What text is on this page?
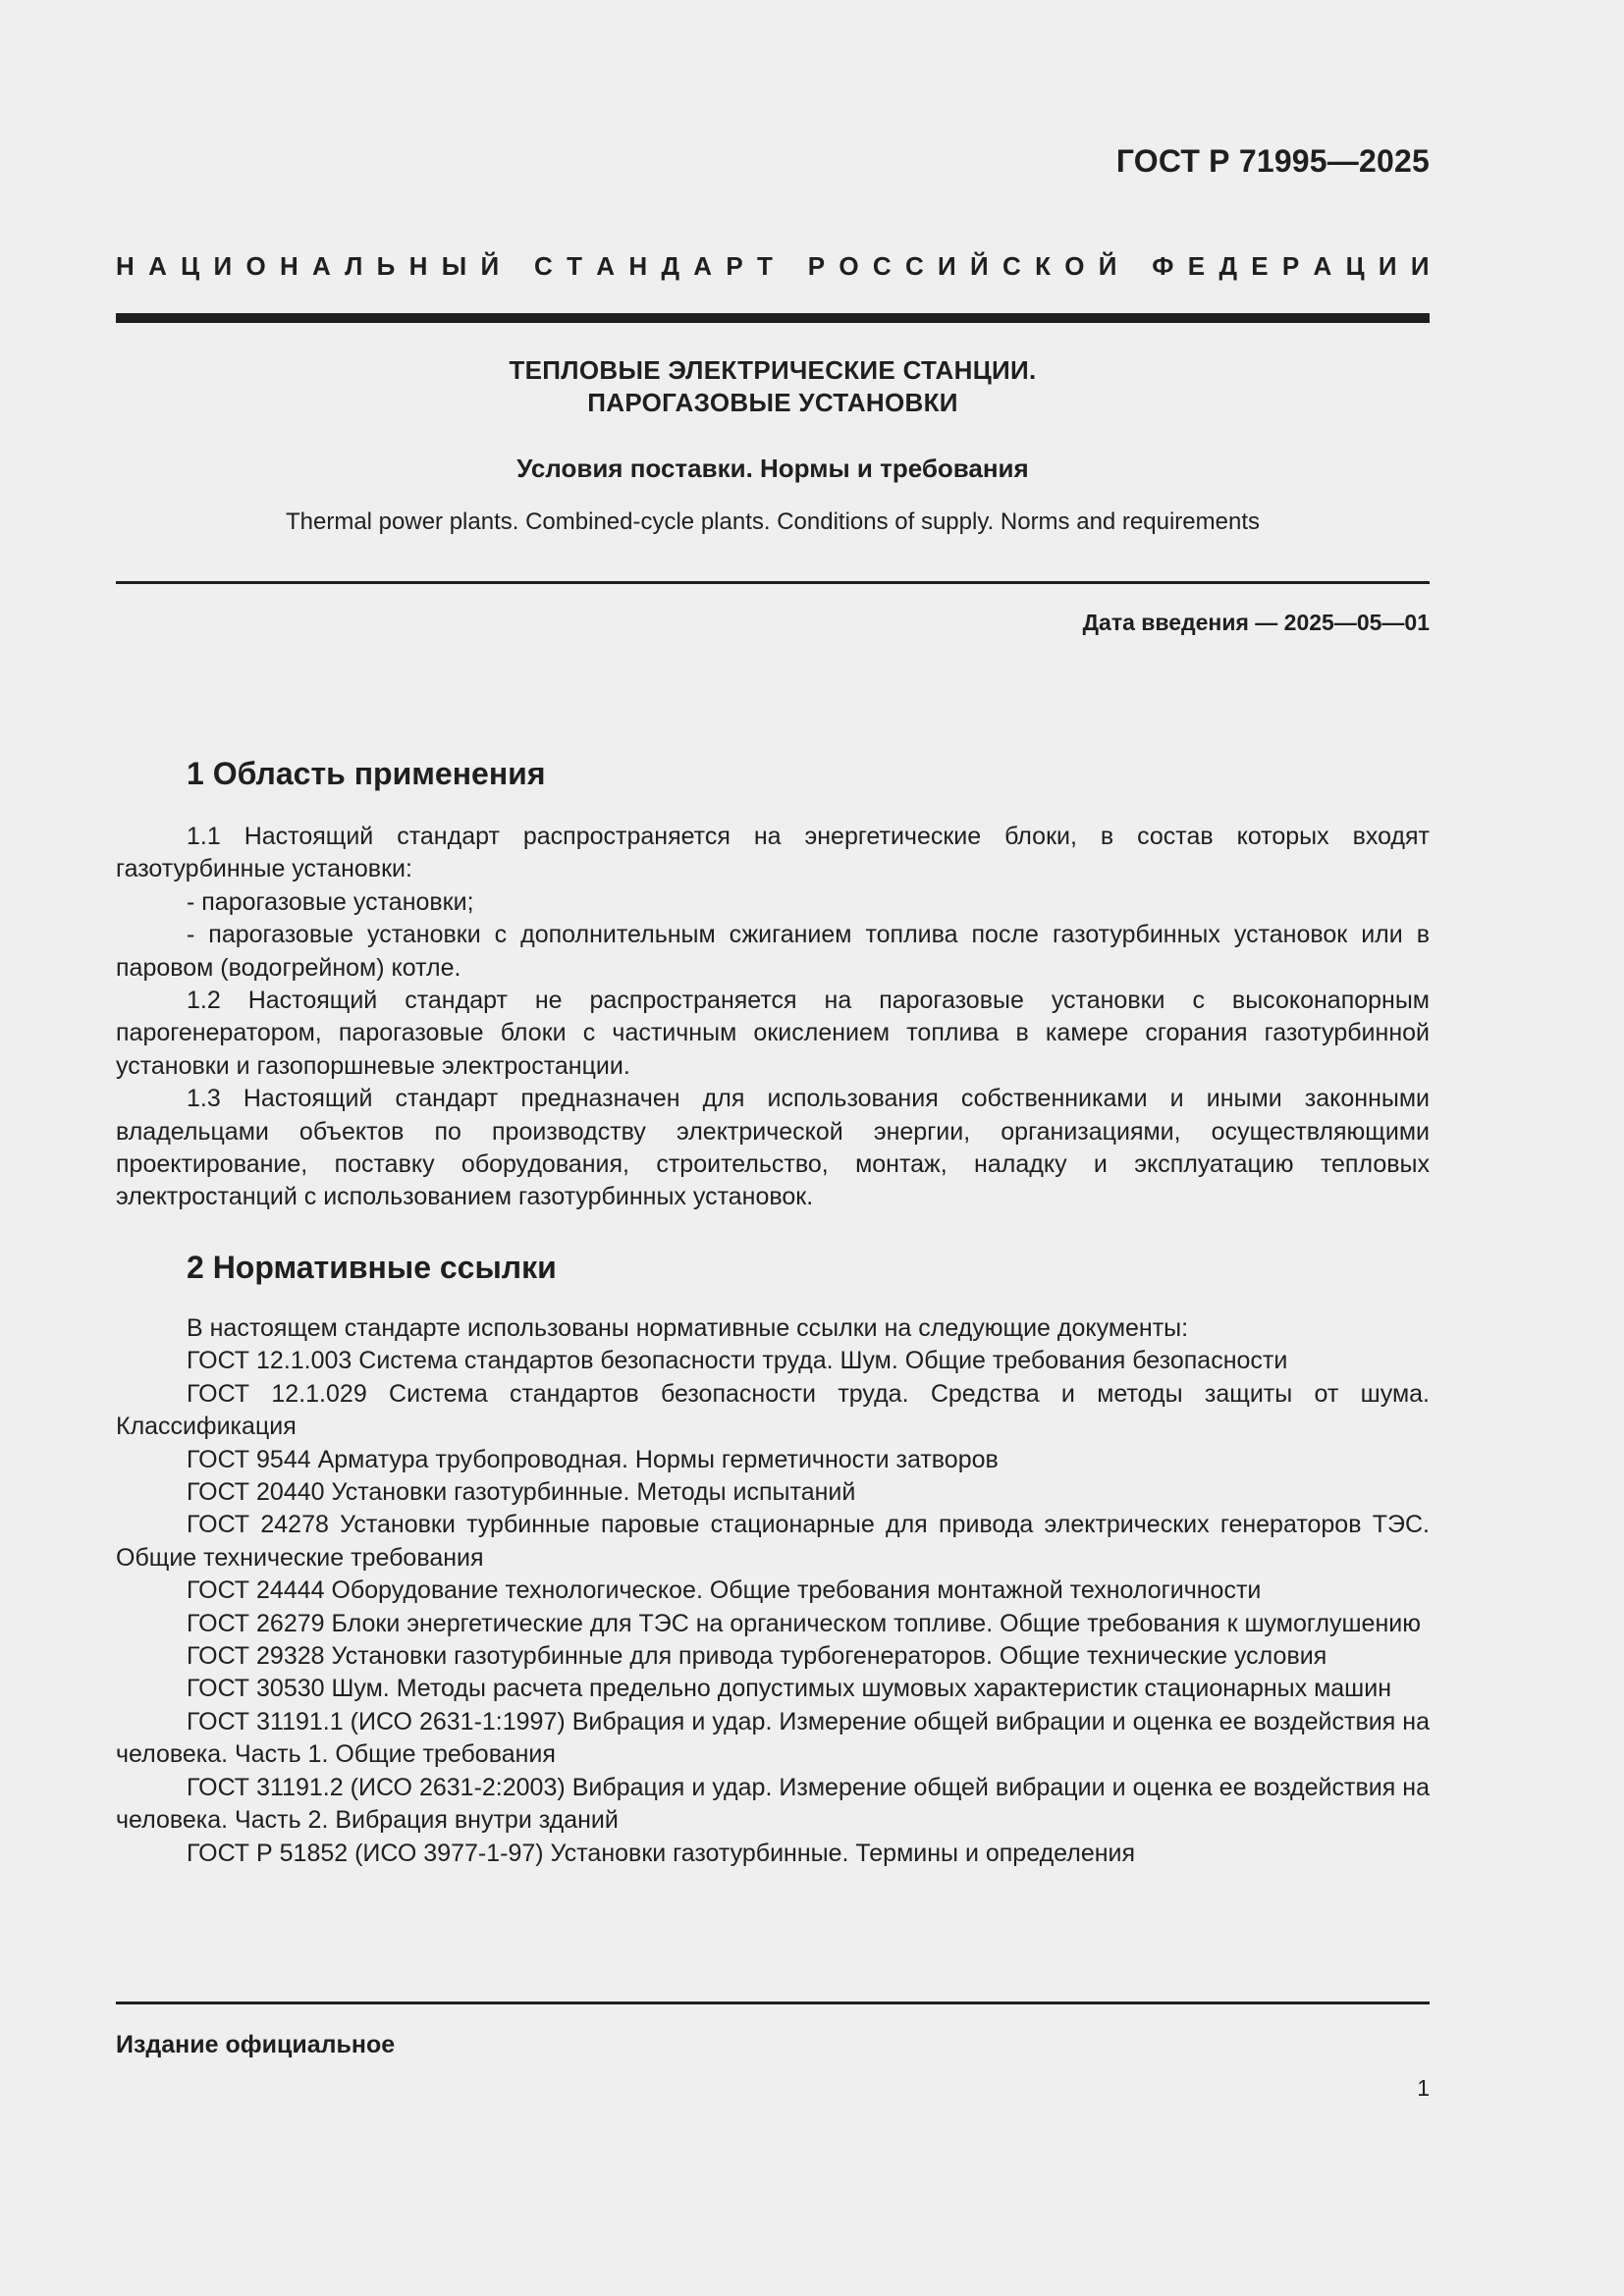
ГОСТ Р 71995—2025
Н А Ц И О Н А Л Ь Н Ы Й
С Т А Н Д А Р Т
Р О С С И Й С К О Й
Ф Е Д Е Р А Ц И И
ТЕПЛОВЫЕ ЭЛЕКТРИЧЕСКИЕ СТАНЦИИ.
ПАРОГАЗОВЫЕ УСТАНОВКИ
Условия поставки. Нормы и требования
Thermal power plants. Combined-cycle plants. Conditions of supply. Norms and requirements
Дата введения — 2025—05—01
1 Область применения

1.1 Настоящий стандарт распространяется на энергетические блоки, в состав которых входят газотурбинные установки:

- парогазовые установки;

- парогазовые установки с дополнительным сжиганием топлива после газотурбинных установок или в паровом (водогрейном) котле.

1.2 Настоящий стандарт не распространяется на парогазовые установки с высоконапорным парогенератором, парогазовые блоки с частичным окислением топлива в камере сгорания газотурбинной установки и газопоршневые электростанции.

1.3 Настоящий стандарт предназначен для использования собственниками и иными законными владельцами объектов по производству электрической энергии, организациями, осуществляющими проектирование, поставку оборудования, строительство, монтаж, наладку и эксплуатацию тепловых электростанций с использованием газотурбинных установок.

2 Нормативные ссылки

В настоящем стандарте использованы нормативные ссылки на следующие документы:

ГОСТ 12.1.003 Система стандартов безопасности труда. Шум. Общие требования безопасности

ГОСТ 12.1.029 Система стандартов безопасности труда. Средства и методы защиты от шума. Классификация

ГОСТ 9544 Арматура трубопроводная. Нормы герметичности затворов

ГОСТ 20440 Установки газотурбинные. Методы испытаний

ГОСТ 24278 Установки турбинные паровые стационарные для привода электрических генераторов ТЭС. Общие технические требования

ГОСТ 24444 Оборудование технологическое. Общие требования монтажной технологичности

ГОСТ 26279 Блоки энергетические для ТЭС на органическом топливе. Общие требования к шумоглушению

ГОСТ 29328 Установки газотурбинные для привода турбогенераторов. Общие технические условия

ГОСТ 30530 Шум. Методы расчета предельно допустимых шумовых характеристик стационарных машин

ГОСТ 31191.1 (ИСО 2631-1:1997) Вибрация и удар. Измерение общей вибрации и оценка ее воздействия на человека. Часть 1. Общие требования

ГОСТ 31191.2 (ИСО 2631-2:2003) Вибрация и удар. Измерение общей вибрации и оценка ее воздействия на человека. Часть 2. Вибрация внутри зданий

ГОСТ Р 51852 (ИСО 3977-1-97) Установки газотурбинные. Термины и определения

Издание официальное
1
